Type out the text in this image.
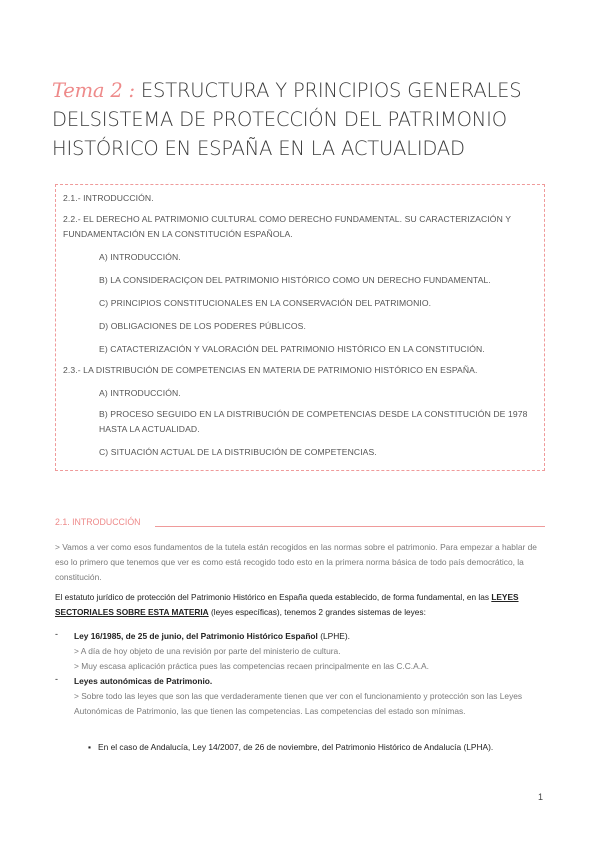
Tema 2 : ESTRUCTURA Y PRINCIPIOS GENERALES
DELSISTEMA DE PROTECCIÓN DEL PATRIMONIO
HISTÓRICO EN ESPAÑA EN LA ACTUALIDAD
2.1.- INTRODUCCIÓN.
2.2.- EL DERECHO AL PATRIMONIO CULTURAL COMO DERECHO FUNDAMENTAL. SU CARACTERIZACIÓN Y FUNDAMENTACIÓN EN LA CONSTITUCIÓN ESPAÑOLA.
A) INTRODUCCIÓN.
B) LA CONSIDERACIÇON DEL PATRIMONIO HISTÓRICO COMO UN DERECHO FUNDAMENTAL.
C) PRINCIPIOS CONSTITUCIONALES EN LA CONSERVACIÓN DEL PATRIMONIO.
D) OBLIGACIONES DE LOS PODERES PÚBLICOS.
E) CATACTERIZACIÓN Y VALORACIÓN DEL PATRIMONIO HISTÓRICO EN LA CONSTITUCIÓN.
2.3.- LA DISTRIBUCIÓN DE COMPETENCIAS EN MATERIA DE PATRIMONIO HISTÓRICO EN ESPAÑA.
A) INTRODUCCIÓN.
B) PROCESO SEGUIDO EN LA DISTRIBUCIÓN DE COMPETENCIAS DESDE LA CONSTITUCIÓN DE 1978 HASTA LA ACTUALIDAD.
C) SITUACIÓN ACTUAL DE LA DISTRIBUCIÓN DE COMPETENCIAS.
2.1. INTRODUCCIÓN
> Vamos a ver como esos fundamentos de la tutela están recogidos en las normas sobre el patrimonio. Para empezar a hablar de eso lo primero que tenemos que ver es como está recogido todo esto en la primera norma básica de todo país democrático, la constitución.
El estatuto jurídico de protección del Patrimonio Histórico en España queda establecido, de forma fundamental, en las LEYES SECTORIALES SOBRE ESTA MATERIA (leyes específicas), tenemos 2 grandes sistemas de leyes:
- Ley 16/1985, de 25 de junio, del Patrimonio Histórico Español (LPHE).
> A día de hoy objeto de una revisión por parte del ministerio de cultura.
> Muy escasa aplicación práctica pues las competencias recaen principalmente en las C.C.A.A.
- Leyes autonómicas de Patrimonio.
> Sobre todo las leyes que son las que verdaderamente tienen que ver con el funcionamiento y protección son las Leyes Autonómicas de Patrimonio, las que tienen las competencias. Las competencias del estado son mínimas.
▪ En el caso de Andalucía, Ley 14/2007, de 26 de noviembre, del Patrimonio Histórico de Andalucía (LPHA).
1
